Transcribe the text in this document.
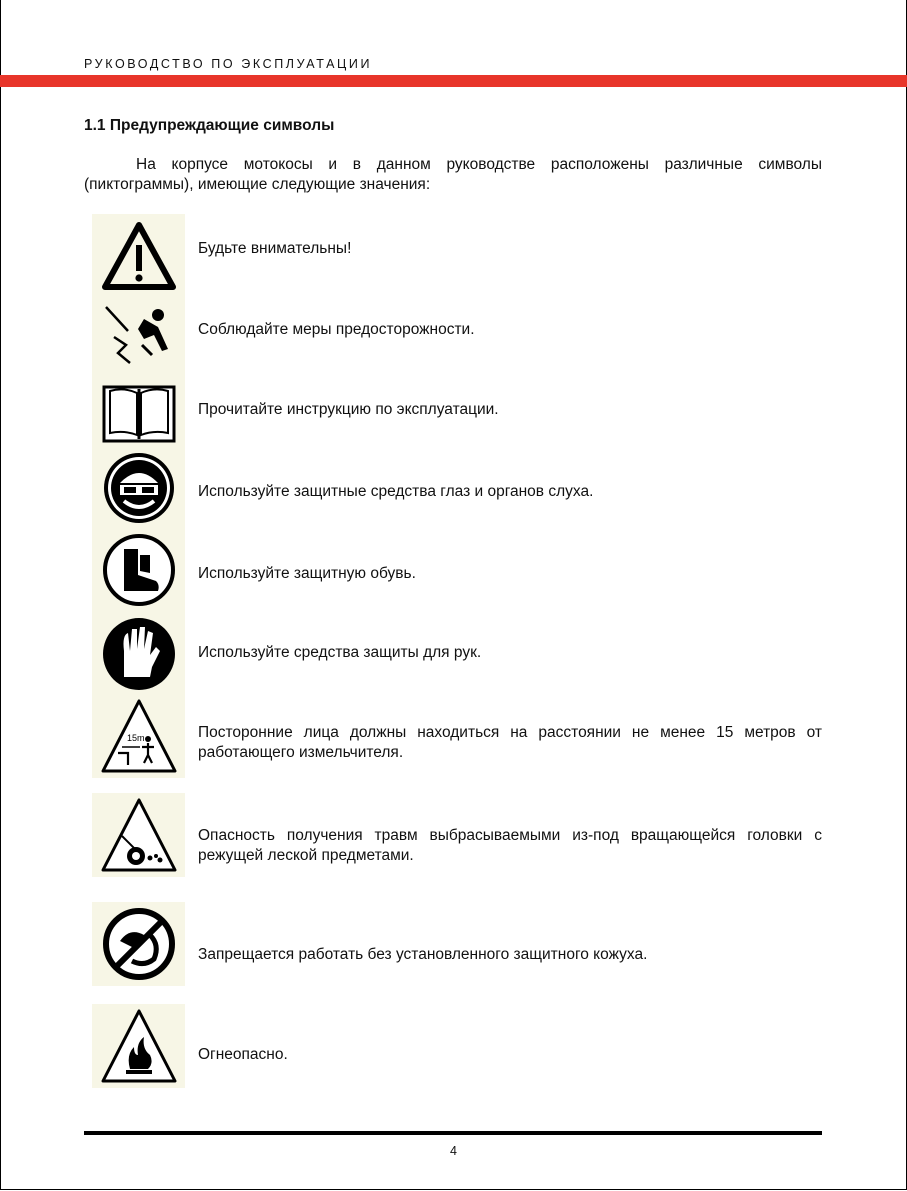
РУКОВОДСТВО ПО ЭКСПЛУАТАЦИИ
1.1 Предупреждающие символы

На корпусе мотокосы и в данном руководстве расположены различные символы (пиктограммы), имеющие следующие значения:

Будьте внимательны!

Соблюдайте меры предосторожности.

Прочитайте инструкцию по эксплуатации.

Используйте защитные средства глаз и органов слуха.

Используйте защитную обувь.

Используйте средства защиты для рук.

15m	Посторонние лица должны находиться на расстоянии не менее 15 метров от работающего измельчителя.

Опасность получения травм выбрасываемыми из-под вращающейся головки с режущей леской предметами.

Запрещается работать без установленного защитного кожуха.

Огнеопасно.

4
